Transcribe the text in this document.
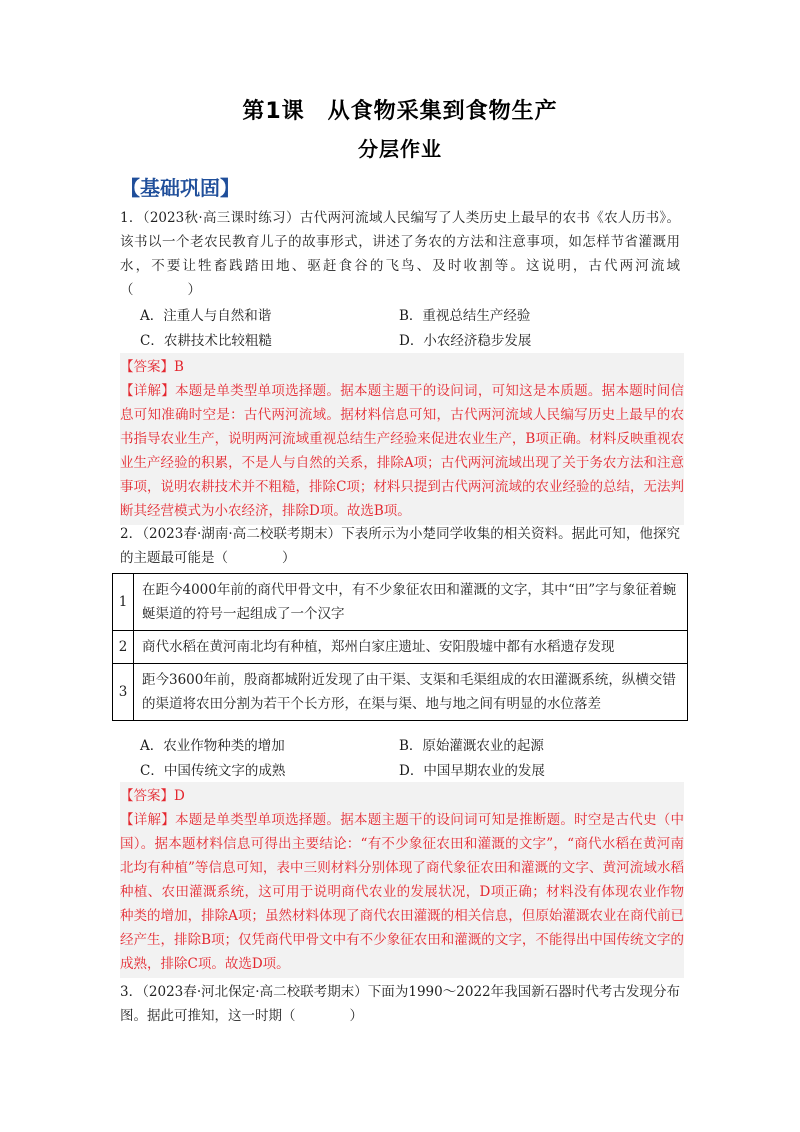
第1课　从食物采集到食物生产
分层作业
【基础巩固】
1．（2023秋·高三课时练习）古代两河流域人民编写了人类历史上最早的农书《农人历书》。该书以一个老农民教育儿子的故事形式，讲述了务农的方法和注意事项，如怎样节省灌溉用水，不要让牲畜践踏田地、驱赶食谷的飞鸟、及时收割等。这说明，古代两河流域（　　　　）
A．注重人与自然和谐	B．重视总结生产经验
C．农耕技术比较粗糙	D．小农经济稳步发展
【答案】B
【详解】本题是单类型单项选择题。据本题主题干的设问词，可知这是本质题。据本题时间信息可知准确时空是：古代两河流域。据材料信息可知，古代两河流域人民编写历史上最早的农书指导农业生产，说明两河流域重视总结生产经验来促进农业生产，B项正确。材料反映重视农业生产经验的积累，不是人与自然的关系，排除A项；古代两河流域出现了关于务农方法和注意事项，说明农耕技术并不粗糙，排除C项；材料只提到古代两河流域的农业经验的总结，无法判断其经营模式为小农经济，排除D项。故选B项。
2．（2023春·湖南·高二校联考期末）下表所示为小楚同学收集的相关资料。据此可知，他探究的主题最可能是（　　　　）
1	在距今4000年前的商代甲骨文中，有不少象征农田和灌溉的文字，其中“田”字与象征着蜿蜒渠道的符号一起组成了一个汉字
2	商代水稻在黄河南北均有种植，郑州白家庄遗址、安阳殷墟中都有水稻遗存发现
3	距今3600年前，殷商都城附近发现了由干渠、支渠和毛渠组成的农田灌溉系统，纵横交错的渠道将农田分割为若干个长方形，在渠与渠、地与地之间有明显的水位落差
A．农业作物种类的增加	B．原始灌溉农业的起源
C．中国传统文字的成熟	D．中国早期农业的发展
【答案】D
【详解】本题是单类型单项选择题。据本题主题干的设问词可知是推断题。时空是古代史（中国）。据本题材料信息可得出主要结论：“有不少象征农田和灌溉的文字”，“商代水稻在黄河南北均有种植”等信息可知，表中三则材料分别体现了商代象征农田和灌溉的文字、黄河流域水稻种植、农田灌溉系统，这可用于说明商代农业的发展状况，D项正确；材料没有体现农业作物种类的增加，排除A项；虽然材料体现了商代农田灌溉的相关信息，但原始灌溉农业在商代前已经产生，排除B项；仅凭商代甲骨文中有不少象征农田和灌溉的文字，不能得出中国传统文字的成熟，排除C项。故选D项。
3．（2023春·河北保定·高二校联考期末）下面为1990～2022年我国新石器时代考古发现分布图。据此可推知，这一时期（　　　　）
